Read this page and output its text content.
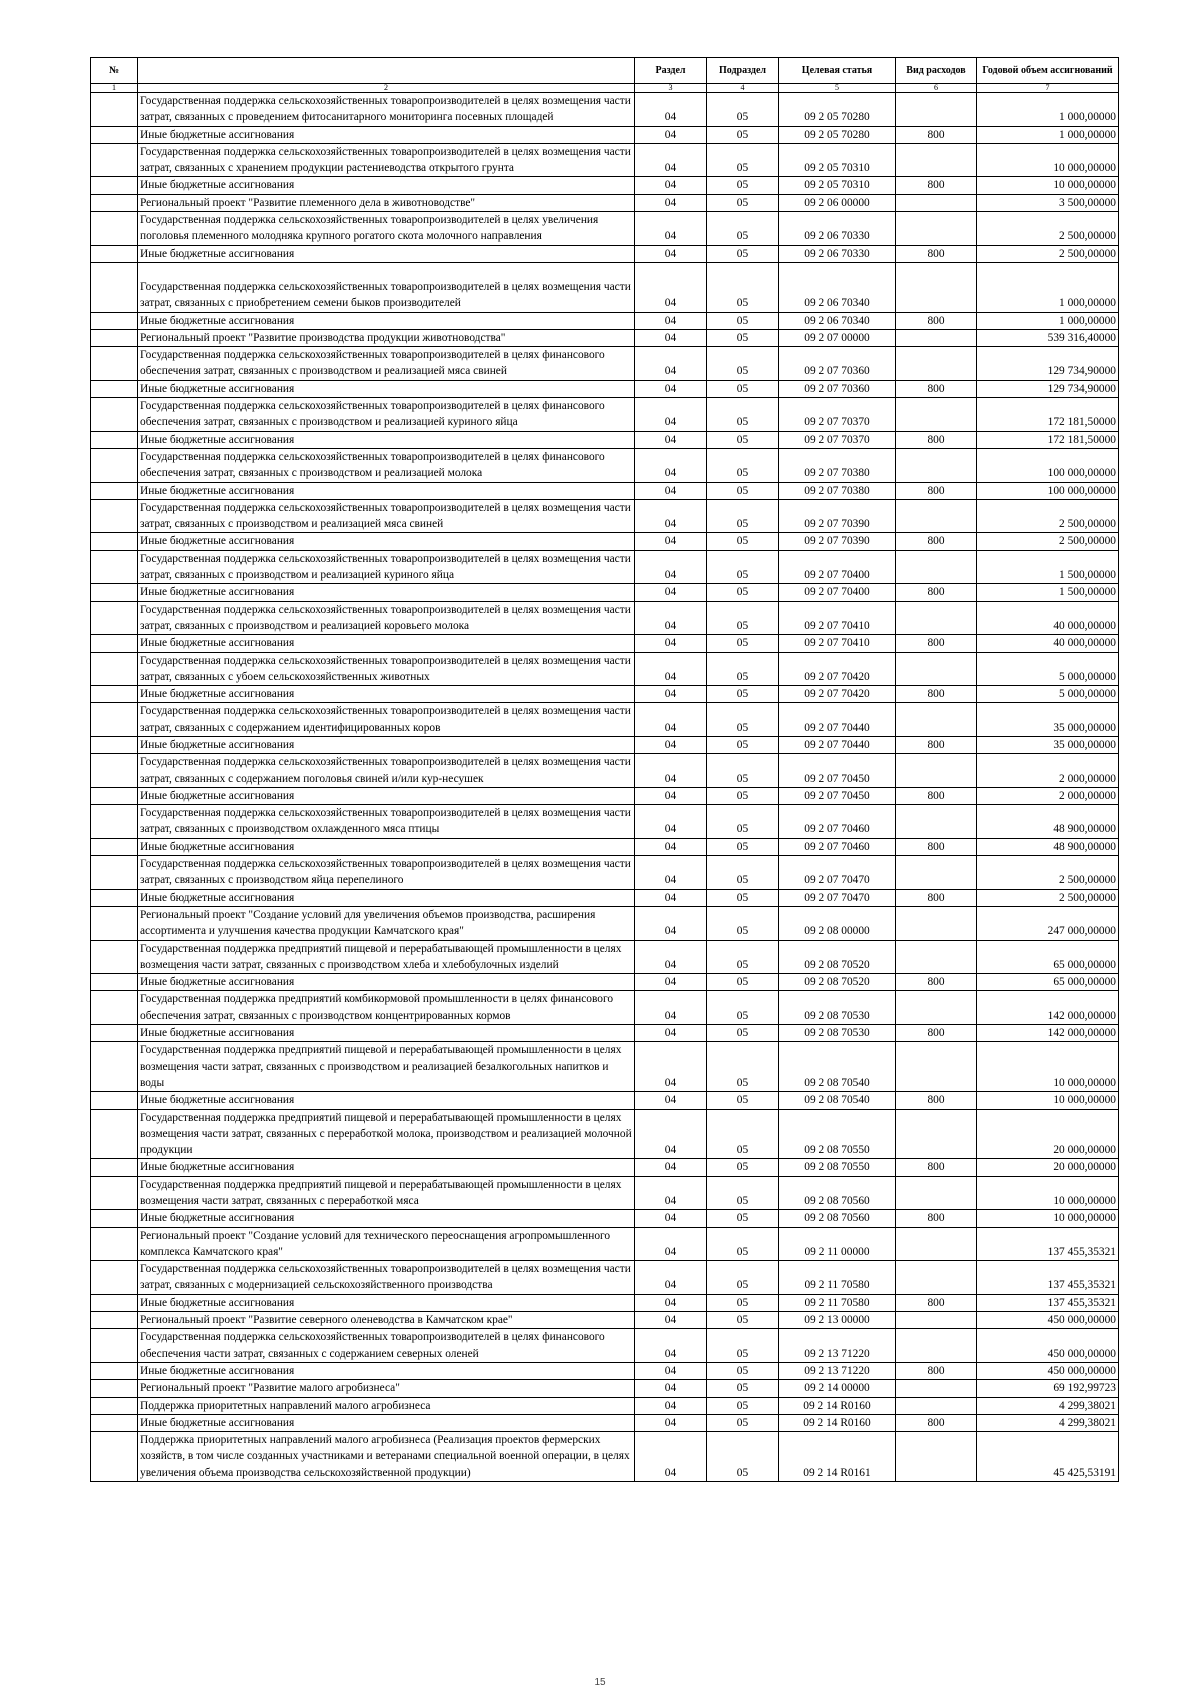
№		Раздел	Подраздел	Целевая статья	Вид расходов	Годовой объем ассигнований
1	2	3	4	5	6	7
	Государственная поддержка сельскохозяйственных товаропроизводителей в целях возмещения части затрат, связанных с проведением фитосанитарного мониторинга посевных площадей	04	05	09 2 05 70280		1 000,00000
	Иные бюджетные ассигнования	04	05	09 2 05 70280	800	1 000,00000
	Государственная поддержка сельскохозяйственных товаропроизводителей в целях возмещения части затрат, связанных с хранением продукции растениеводства открытого грунта	04	05	09 2 05 70310		10 000,00000
	Иные бюджетные ассигнования	04	05	09 2 05 70310	800	10 000,00000
	Региональный проект "Развитие племенного дела в животноводстве"	04	05	09 2 06 00000		3 500,00000
	Государственная поддержка сельскохозяйственных товаропроизводителей в целях увеличения поголовья племенного молодняка крупного рогатого скота молочного направления	04	05	09 2 06 70330		2 500,00000
	Иные бюджетные ассигнования	04	05	09 2 06 70330	800	2 500,00000
	Государственная поддержка сельскохозяйственных товаропроизводителей в целях возмещения части затрат, связанных с приобретением семени быков производителей	04	05	09 2 06 70340		1 000,00000
	Иные бюджетные ассигнования	04	05	09 2 06 70340	800	1 000,00000
	Региональный проект "Развитие производства продукции животноводства"	04	05	09 2 07 00000		539 316,40000
	Государственная поддержка сельскохозяйственных товаропроизводителей в целях финансового обеспечения затрат, связанных с производством и реализацией мяса свиней	04	05	09 2 07 70360		129 734,90000
	Иные бюджетные ассигнования	04	05	09 2 07 70360	800	129 734,90000
	Государственная поддержка сельскохозяйственных товаропроизводителей в целях финансового обеспечения затрат, связанных с производством и реализацией куриного яйца	04	05	09 2 07 70370		172 181,50000
	Иные бюджетные ассигнования	04	05	09 2 07 70370	800	172 181,50000
	Государственная поддержка сельскохозяйственных товаропроизводителей в целях финансового обеспечения затрат, связанных с производством и реализацией молока	04	05	09 2 07 70380		100 000,00000
	Иные бюджетные ассигнования	04	05	09 2 07 70380	800	100 000,00000
	Государственная поддержка сельскохозяйственных товаропроизводителей в целях возмещения части затрат, связанных с производством и реализацией мяса свиней	04	05	09 2 07 70390		2 500,00000
	Иные бюджетные ассигнования	04	05	09 2 07 70390	800	2 500,00000
	Государственная поддержка сельскохозяйственных товаропроизводителей в целях возмещения части затрат, связанных с производством и реализацией куриного яйца	04	05	09 2 07 70400		1 500,00000
	Иные бюджетные ассигнования	04	05	09 2 07 70400	800	1 500,00000
	Государственная поддержка сельскохозяйственных товаропроизводителей в целях возмещения части затрат, связанных с производством и реализацией коровьего молока	04	05	09 2 07 70410		40 000,00000
	Иные бюджетные ассигнования	04	05	09 2 07 70410	800	40 000,00000
	Государственная поддержка сельскохозяйственных товаропроизводителей в целях возмещения части затрат, связанных с убоем сельскохозяйственных животных	04	05	09 2 07 70420		5 000,00000
	Иные бюджетные ассигнования	04	05	09 2 07 70420	800	5 000,00000
	Государственная поддержка сельскохозяйственных товаропроизводителей в целях возмещения части затрат, связанных с содержанием идентифицированных коров	04	05	09 2 07 70440		35 000,00000
	Иные бюджетные ассигнования	04	05	09 2 07 70440	800	35 000,00000
	Государственная поддержка сельскохозяйственных товаропроизводителей в целях возмещения части затрат, связанных с содержанием поголовья свиней и/или кур-несушек	04	05	09 2 07 70450		2 000,00000
	Иные бюджетные ассигнования	04	05	09 2 07 70450	800	2 000,00000
	Государственная поддержка сельскохозяйственных товаропроизводителей в целях возмещения части затрат, связанных с производством охлажденного мяса птицы	04	05	09 2 07 70460		48 900,00000
	Иные бюджетные ассигнования	04	05	09 2 07 70460	800	48 900,00000
	Государственная поддержка сельскохозяйственных товаропроизводителей в целях возмещения части затрат, связанных с производством яйца перепелиного	04	05	09 2 07 70470		2 500,00000
	Иные бюджетные ассигнования	04	05	09 2 07 70470	800	2 500,00000
	Региональный проект "Создание условий для увеличения объемов производства, расширения ассортимента и улучшения качества продукции Камчатского края"	04	05	09 2 08 00000		247 000,00000
	Государственная поддержка предприятий пищевой и перерабатывающей промышленности в целях возмещения части затрат, связанных с производством хлеба и хлебобулочных изделий	04	05	09 2 08 70520		65 000,00000
	Иные бюджетные ассигнования	04	05	09 2 08 70520	800	65 000,00000
	Государственная поддержка предприятий комбикормовой промышленности в целях финансового обеспечения затрат, связанных с производством концентрированных кормов	04	05	09 2 08 70530		142 000,00000
	Иные бюджетные ассигнования	04	05	09 2 08 70530	800	142 000,00000
	Государственная поддержка предприятий пищевой и перерабатывающей промышленности в целях возмещения части затрат, связанных с производством и реализацией безалкогольных напитков и воды	04	05	09 2 08 70540		10 000,00000
	Иные бюджетные ассигнования	04	05	09 2 08 70540	800	10 000,00000
	Государственная поддержка предприятий пищевой и перерабатывающей промышленности в целях возмещения части затрат, связанных с переработкой молока, производством и реализацией молочной продукции	04	05	09 2 08 70550		20 000,00000
	Иные бюджетные ассигнования	04	05	09 2 08 70550	800	20 000,00000
	Государственная поддержка предприятий пищевой и перерабатывающей промышленности в целях возмещения части затрат, связанных с переработкой мяса	04	05	09 2 08 70560		10 000,00000
	Иные бюджетные ассигнования	04	05	09 2 08 70560	800	10 000,00000
	Региональный проект "Создание условий для технического переоснащения агропромышленного комплекса Камчатского края"	04	05	09 2 11 00000		137 455,35321
	Государственная поддержка сельскохозяйственных товаропроизводителей в целях возмещения части затрат, связанных с модернизацией сельскохозяйственного производства	04	05	09 2 11 70580		137 455,35321
	Иные бюджетные ассигнования	04	05	09 2 11 70580	800	137 455,35321
	Региональный проект "Развитие северного оленеводства в Камчатском крае"	04	05	09 2 13 00000		450 000,00000
	Государственная поддержка сельскохозяйственных товаропроизводителей в целях финансового обеспечения части затрат, связанных с содержанием северных оленей	04	05	09 2 13 71220		450 000,00000
	Иные бюджетные ассигнования	04	05	09 2 13 71220	800	450 000,00000
	Региональный проект "Развитие малого агробизнеса"	04	05	09 2 14 00000		69 192,99723
	Поддержка приоритетных направлений малого агробизнеса	04	05	09 2 14 R0160		4 299,38021
	Иные бюджетные ассигнования	04	05	09 2 14 R0160	800	4 299,38021
	Поддержка приоритетных направлений малого агробизнеса (Реализация проектов фермерских хозяйств, в том числе созданных участниками и ветеранами специальной военной операции, в целях увеличения объема производства сельскохозяйственной продукции)	04	05	09 2 14 R0161		45 425,53191
15
